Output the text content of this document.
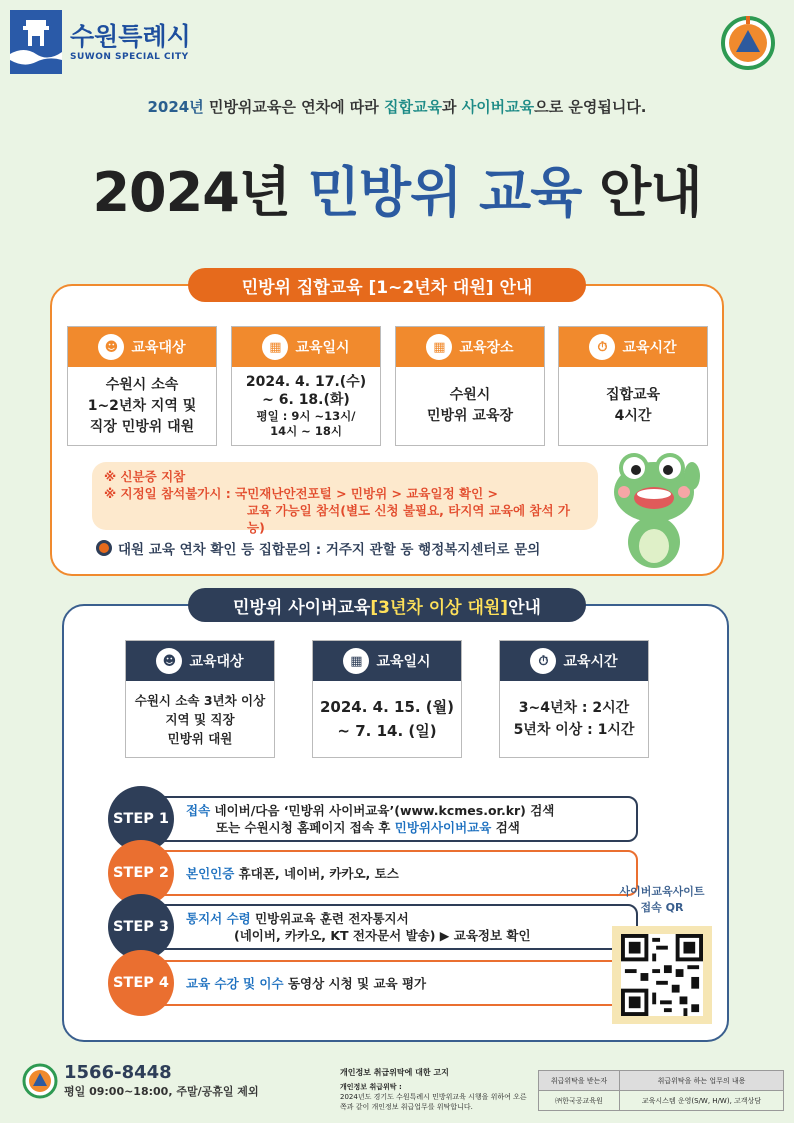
수원특례시
SUWON SPECIAL CITY
2024년 민방위교육은 연차에 따라 집합교육과 사이버교육으로 운영됩니다.
2024년 민방위 교육 안내
민방위 집합교육 [1~2년차 대원] 안내
☻ 교육대상
수원시 소속
1~2년차 지역 및
직장 민방위 대원
▦ 교육일시
2024. 4. 17.(수)
~ 6. 18.(화)
평일 : 9시 ~13시/
14시 ~ 18시
▦ 교육장소
수원시
민방위 교육장
⏱ 교육시간
집합교육
4시간
※ 신분증 지참
※ 지정일 참석불가시 : 국민재난안전포털 > 민방위 > 교육일정 확인 >
교육 가능일 참석(별도 신청 불필요, 타지역 교육에 참석 가능)
대원 교육 연차 확인 등 집합문의 : 거주지 관할 동 행정복지센터로 문의
민방위 사이버교육 [3년차 이상 대원] 안내
☻ 교육대상
수원시 소속 3년차 이상
지역 및 직장
민방위 대원
▦ 교육일시
2024. 4. 15. (월)
~ 7. 14. (일)
⏱ 교육시간
3~4년차 : 2시간
5년차 이상 : 1시간
STEP 1
접속 네이버/다음 ‘민방위 사이버교육’(www.kcmes.or.kr) 검색
또는 수원시청 홈페이지 접속 후 민방위사이버교육 검색
STEP 2	본인인증 휴대폰, 네이버, 카카오, 토스
STEP 3
통지서 수령 민방위교육 훈련 전자통지서
(네이버, 카카오, KT 전자문서 발송) ▶ 교육정보 확인
STEP 4	교육 수강 및 이수 동영상 시청 및 교육 평가
사이버교육사이트
접속 QR
1566-8448
평일 09:00~18:00, 주말/공휴일 제외
개인정보 취급위탁에 대한 고지
개인정보 취급위탁 :
2024년도 경기도 수원특례시 민방위교육 시행을 위하여 오른쪽과 같이 개인정보 취급업무를 위탁합니다.
취급위탁을 받는자	취급위탁을 하는 업무의 내용
㈜한국공교육원	교육시스템 운영(S/W, H/W), 고객상담
